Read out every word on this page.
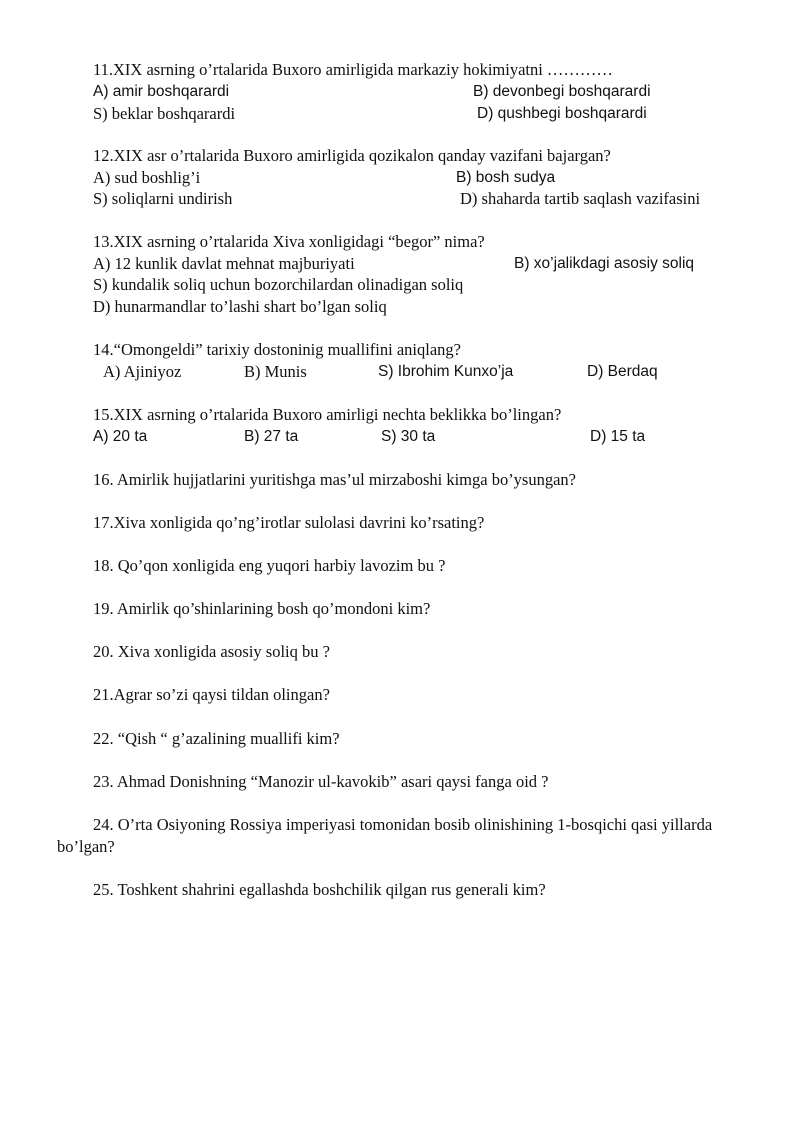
11.XIX asrning o’rtalarida Buxoro amirligida markaziy hokimiyatni …………
A) amir boshqarardi	B) devonbegi boshqarardi
S) beklar boshqarardi	D) qushbegi boshqarardi
12.XIX asr o’rtalarida Buxoro amirligida qozikalon qanday vazifani bajargan?
A) sud boshlig’i	B) bosh sudya
S) soliqlarni undirish	D) shaharda tartib saqlash vazifasini
13.XIX asrning o’rtalarida Xiva xonligidagi “begor” nima?
A) 12 kunlik davlat mehnat majburiyati	B) xo’jalikdagi asosiy soliq
S) kundalik soliq uchun bozorchilardan olinadigan soliq
D) hunarmandlar to’lashi shart bo’lgan soliq
14.“Omongeldi” tarixiy dostoninig muallifini aniqlang?
A) Ajiniyoz	B) Munis	S) Ibrohim Kunxo’ja	D) Berdaq
15.XIX asrning o’rtalarida Buxoro amirligi nechta beklikka bo’lingan?
A) 20 ta	B) 27 ta	S) 30 ta	D) 15 ta
16. Amirlik hujjatlarini yuritishga mas’ul mirzaboshi kimga bo’ysungan?
17.Xiva xonligida qo’ng’irotlar sulolasi davrini ko’rsating?
18. Qo’qon xonligida eng yuqori harbiy lavozim bu ?
19. Amirlik qo’shinlarining bosh qo’mondoni kim?
20. Xiva xonligida asosiy soliq bu ?
21.Agrar so’zi qaysi tildan olingan?
22. “Qish “ g’azalining muallifi kim?
23. Ahmad Donishning “Manozir ul-kavokib” asari qaysi fanga oid ?
24. O’rta Osiyoning Rossiya imperiyasi tomonidan bosib olinishining 1-bosqichi qasi yillarda bo’lgan?
25. Toshkent shahrini egallashda boshchilik qilgan rus generali kim?
